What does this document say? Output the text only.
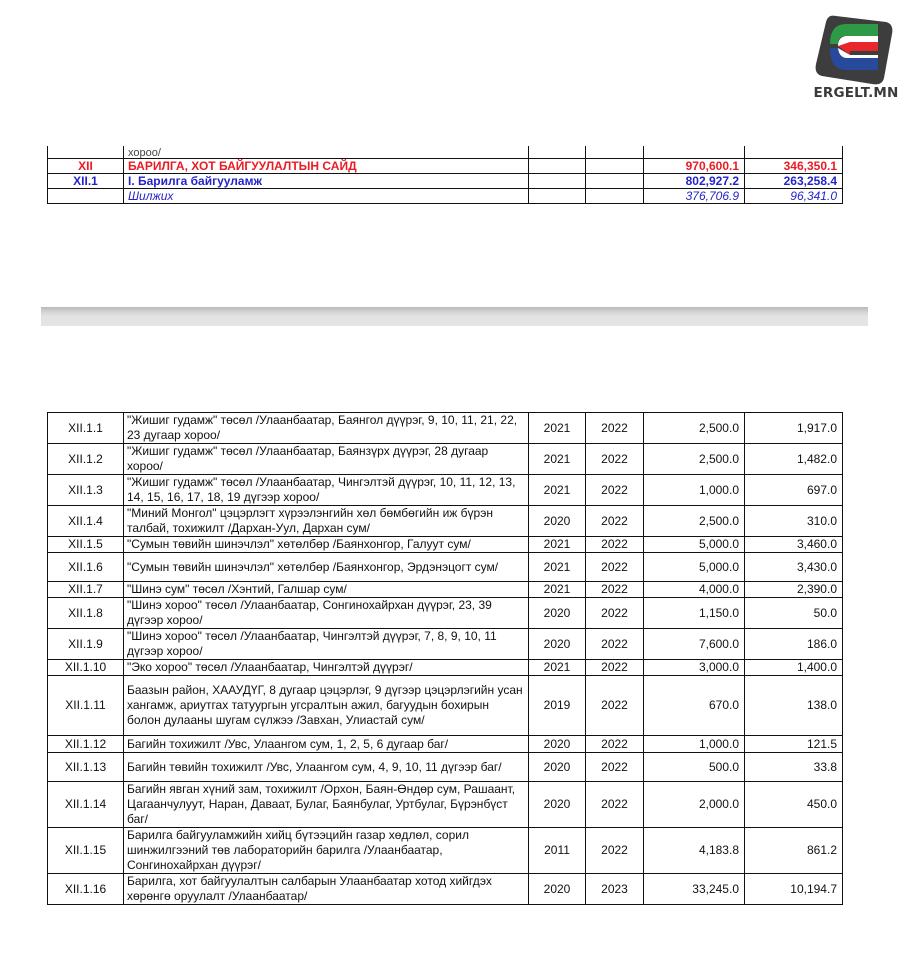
ERGELT.MN
	хороо/				
XII	БАРИЛГА, ХОТ БАЙГУУЛАЛТЫН САЙД			970,600.1	346,350.1
XII.1	I. Барилга байгууламж			802,927.2	263,258.4
	Шилжих			376,706.9	96,341.0
XII.1.1	"Жишиг гудамж" төсөл /Улаанбаатар, Баянгол дүүрэг, 9, 10, 11, 21, 22, 23 дугаар хороо/	2021	2022	2,500.0	1,917.0
XII.1.2	"Жишиг гудамж" төсөл /Улаанбаатар, Баянзүрх дүүрэг, 28 дугаар хороо/	2021	2022	2,500.0	1,482.0
XII.1.3	"Жишиг гудамж" төсөл /Улаанбаатар, Чингэлтэй дүүрэг, 10, 11, 12, 13, 14, 15, 16, 17, 18, 19 дүгээр хороо/	2021	2022	1,000.0	697.0
XII.1.4	"Миний Монгол" цэцэрлэгт хүрээлэнгийн хөл бөмбөгийн иж бүрэн талбай, тохижилт /Дархан-Уул, Дархан сум/	2020	2022	2,500.0	310.0
XII.1.5	"Сумын төвийн шинэчлэл" хөтөлбөр /Баянхонгор, Галуут сум/	2021	2022	5,000.0	3,460.0
XII.1.6	"Сумын төвийн шинэчлэл" хөтөлбөр /Баянхонгор, Эрдэнэцогт сум/	2021	2022	5,000.0	3,430.0
XII.1.7	"Шинэ сум" төсөл /Хэнтий, Галшар сум/	2021	2022	4,000.0	2,390.0
XII.1.8	"Шинэ хороо" төсөл /Улаанбаатар, Сонгинохайрхан дүүрэг, 23, 39 дүгээр хороо/	2020	2022	1,150.0	50.0
XII.1.9	"Шинэ хороо" төсөл /Улаанбаатар, Чингэлтэй дүүрэг, 7, 8, 9, 10, 11 дүгээр хороо/	2020	2022	7,600.0	186.0
XII.1.10	"Эко хороо" төсөл /Улаанбаатар, Чингэлтэй дүүрэг/	2021	2022	3,000.0	1,400.0
XII.1.11	Баазын район, ХААУДҮГ, 8 дугаар цэцэрлэг, 9 дүгээр цэцэрлэгийн усан хангамж, ариутгах татуургын угсралтын ажил, багуудын бохирын болон дулааны шугам сүлжээ /Завхан, Улиастай сум/	2019	2022	670.0	138.0
XII.1.12	Багийн тохижилт /Увс, Улаангом сум, 1, 2, 5, 6 дугаар баг/	2020	2022	1,000.0	121.5
XII.1.13	Багийн төвийн тохижилт /Увс, Улаангом сум, 4, 9, 10, 11 дүгээр баг/	2020	2022	500.0	33.8
XII.1.14	Багийн явган хүний зам, тохижилт /Орхон, Баян-Өндөр сум, Рашаант, Цагаанчулуут, Наран, Даваат, Булаг, Баянбулаг, Уртбулаг, Бүрэнбүст баг/	2020	2022	2,000.0	450.0
XII.1.15	Барилга байгууламжийн хийц бүтээцийн газар хөдлөл, сорил шинжилгээний төв лабораторийн барилга /Улаанбаатар, Сонгинохайрхан дүүрэг/	2011	2022	4,183.8	861.2
XII.1.16	Барилга, хот байгуулалтын салбарын Улаанбаатар хотод хийгдэх хөрөнгө оруулалт /Улаанбаатар/	2020	2023	33,245.0	10,194.7
